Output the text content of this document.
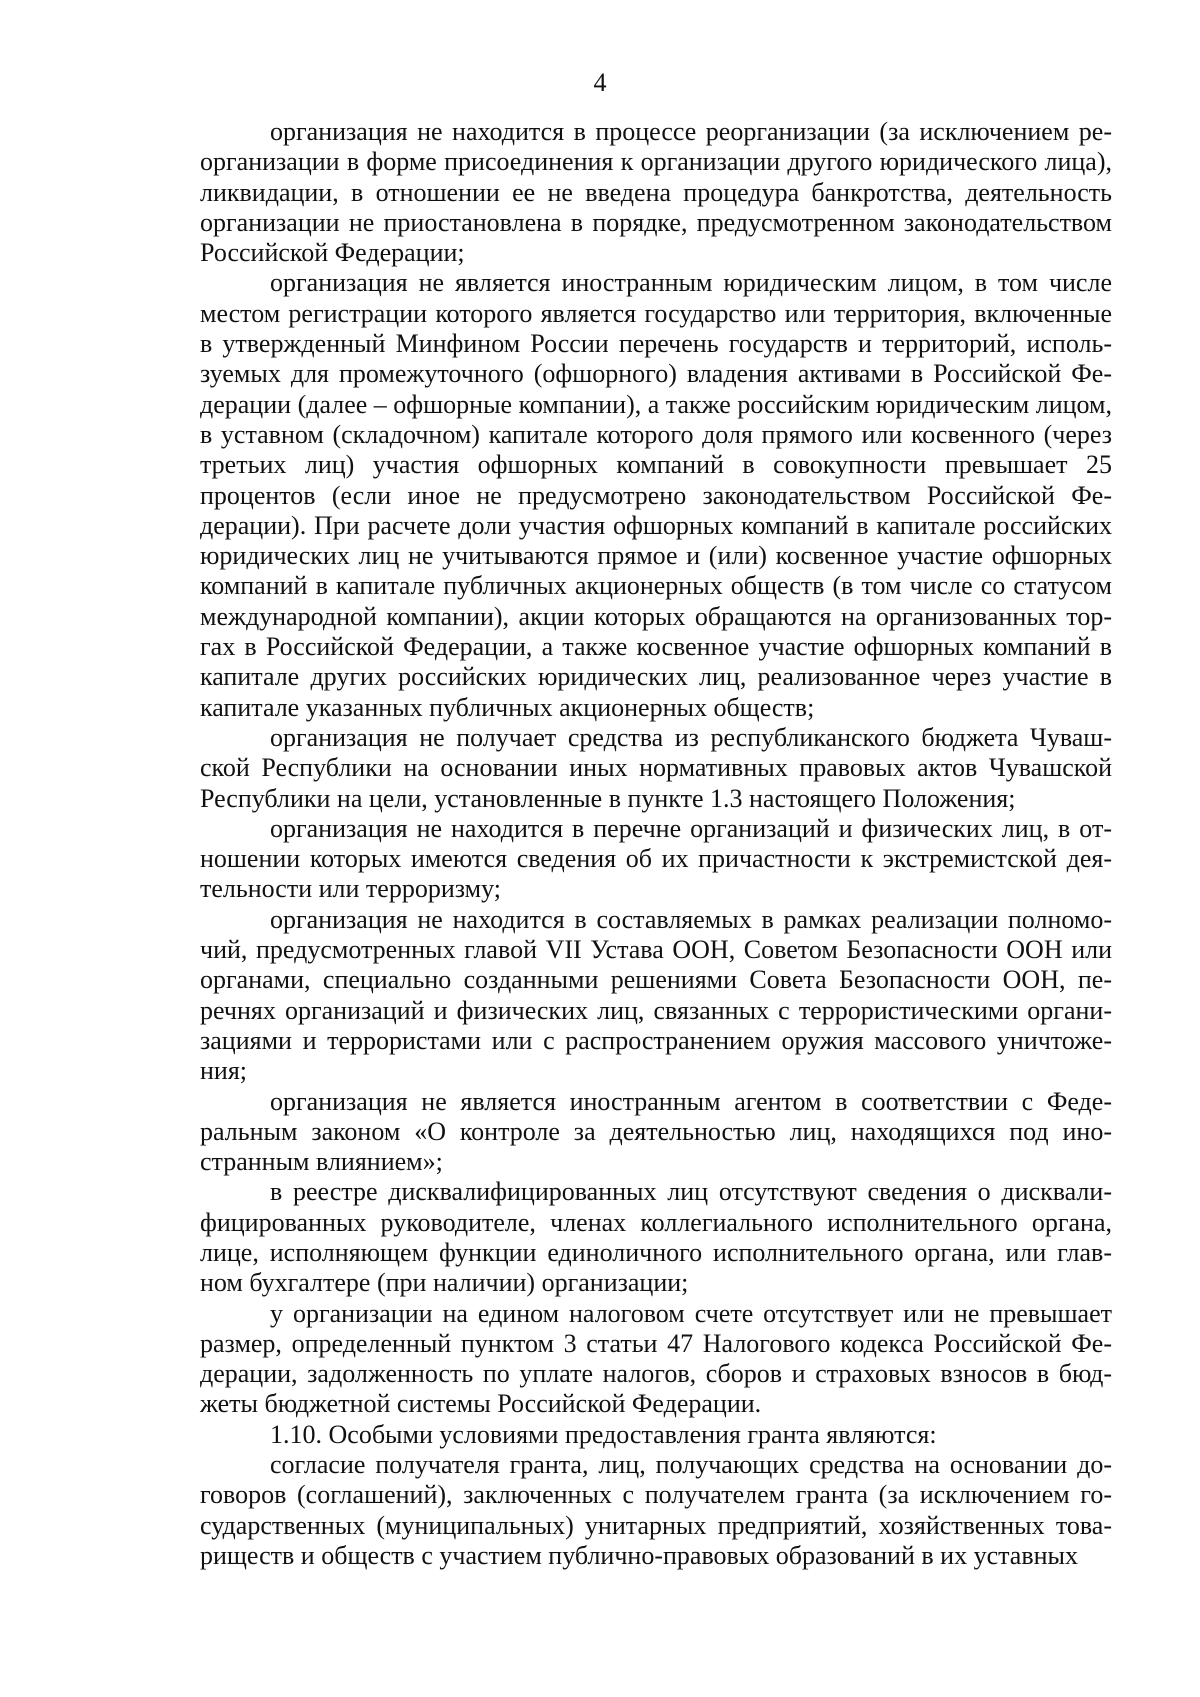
4

организация не находится в процессе реорганизации (за исключением реорганизации в форме присоединения к организации другого юридического лица), ликвидации, в отношении ее не введена процедура банкротства, деятельность организации не приостановлена в порядке, предусмотренном законодательством Российской Федерации;

организация не является иностранным юридическим лицом, в том числе местом регистрации которого является государство или территория, включенные в утвержденный Минфином России перечень государств и территорий, используемых для промежуточного (офшорного) владения активами в Российской Федерации (далее – офшорные компании), а также российским юридическим лицом, в уставном (складочном) капитале которого доля прямого или косвенного (через третьих лиц) участия офшорных компаний в совокупности превышает 25 процентов (если иное не предусмотрено законодательством Российской Федерации). При расчете доли участия офшорных компаний в капитале российских юридических лиц не учитываются прямое и (или) косвенное участие офшорных компаний в капитале публичных акционерных обществ (в том числе со статусом международной компании), акции которых обращаются на организованных торгах в Российской Федерации, а также косвенное участие офшорных компаний в капитале других российских юридических лиц, реализованное через участие в капитале указанных публичных акционерных обществ;

организация не получает средства из республиканского бюджета Чувашской Республики на основании иных нормативных правовых актов Чувашской Республики на цели, установленные в пункте 1.3 настоящего Положения;

организация не находится в перечне организаций и физических лиц, в отношении которых имеются сведения об их причастности к экстремистской деятельности или терроризму;

организация не находится в составляемых в рамках реализации полномочий, предусмотренных главой VII Устава ООН, Советом Безопасности ООН или органами, специально созданными решениями Совета Безопасности ООН, перечнях организаций и физических лиц, связанных с террористическими организациями и террористами или с распространением оружия массового уничтожения;

организация не является иностранным агентом в соответствии с Федеральным законом «О контроле за деятельностью лиц, находящихся под иностранным влиянием»;

в реестре дисквалифицированных лиц отсутствуют сведения о дисквалифицированных руководителе, членах коллегиального исполнительного органа, лице, исполняющем функции единоличного исполнительного органа, или главном бухгалтере (при наличии) организации;

у организации на едином налоговом счете отсутствует или не превышает размер, определенный пунктом 3 статьи 47 Налогового кодекса Российской Федерации, задолженность по уплате налогов, сборов и страховых взносов в бюджеты бюджетной системы Российской Федерации.

1.10. Особыми условиями предоставления гранта являются:

согласие получателя гранта, лиц, получающих средства на основании договоров (соглашений), заключенных с получателем гранта (за исключением государственных (муниципальных) унитарных предприятий, хозяйственных товариществ и обществ с участием публично-правовых образований в их уставных
